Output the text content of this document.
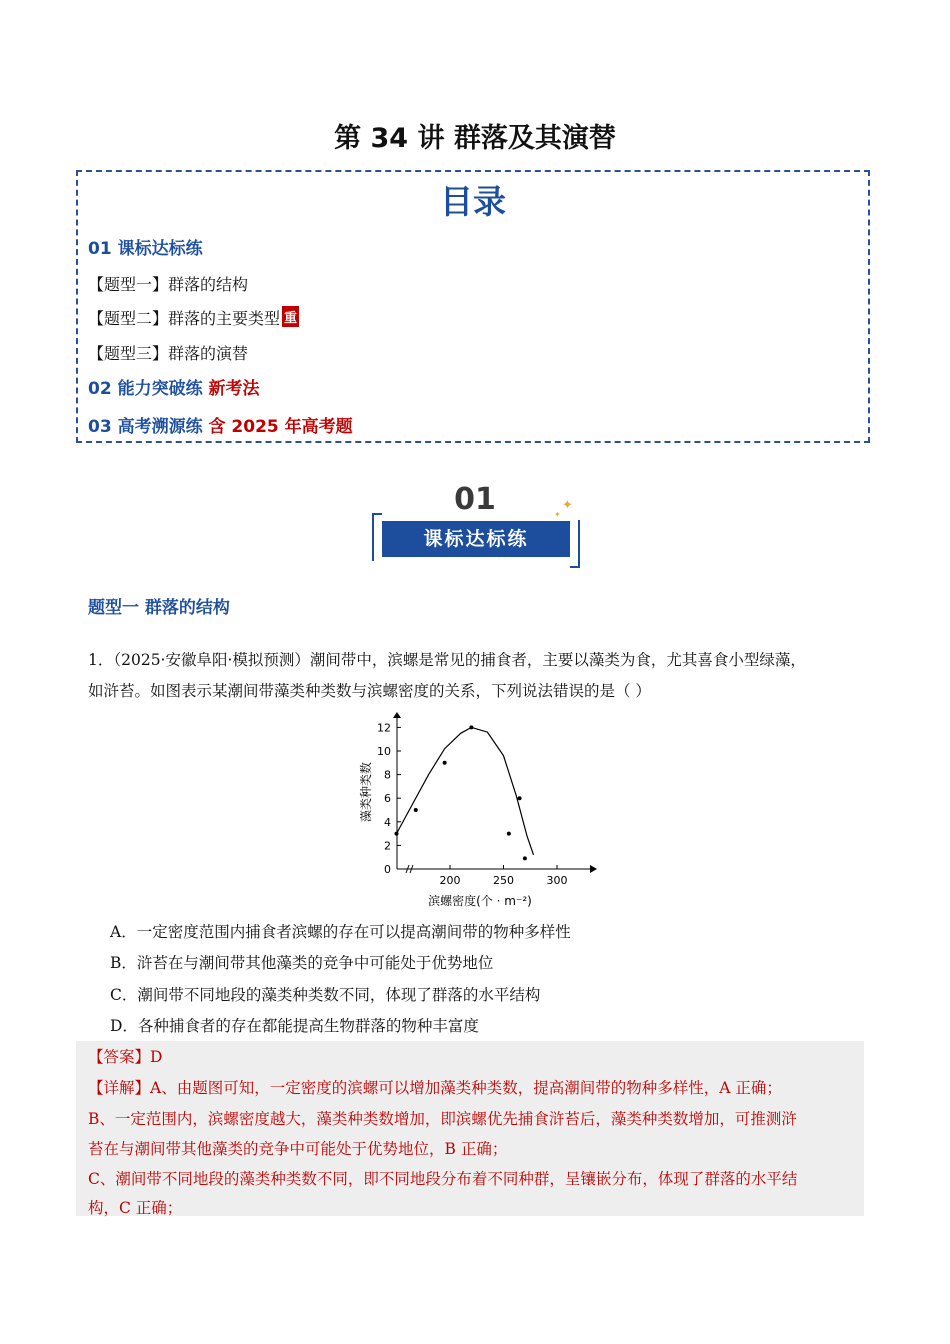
第 34 讲 群落及其演替
目录
01 课标达标练
【题型一】群落的结构
【题型二】群落的主要类型 重
【题型三】群落的演替
02 能力突破练 新考法
03 高考溯源练 含 2025 年高考题
01
课标达标练
✦
✦
题型一 群落的结构
1．（2025·安徽阜阳·模拟预测）潮间带中，滨螺是常见的捕食者，主要以藻类为食，尤其喜食小型绿藻，
如浒苔。如图表示某潮间带藻类种类数与滨螺密度的关系，下列说法错误的是（ ）
0
2
4
6
8
10
12
200	250	300
藻类种类数
滨螺密度(个 · m⁻²)
A．一定密度范围内捕食者滨螺的存在可以提高潮间带的物种多样性
B．浒苔在与潮间带其他藻类的竞争中可能处于优势地位
C．潮间带不同地段的藻类种类数不同，体现了群落的水平结构
D．各种捕食者的存在都能提高生物群落的物种丰富度
【答案】D
【详解】A、由题图可知，一定密度的滨螺可以增加藻类种类数，提高潮间带的物种多样性，A 正确；
B、一定范围内，滨螺密度越大，藻类种类数增加，即滨螺优先捕食浒苔后，藻类种类数增加，可推测浒
苔在与潮间带其他藻类的竞争中可能处于优势地位，B 正确；
C、潮间带不同地段的藻类种类数不同，即不同地段分布着不同种群，呈镶嵌分布，体现了群落的水平结
构，C 正确；
